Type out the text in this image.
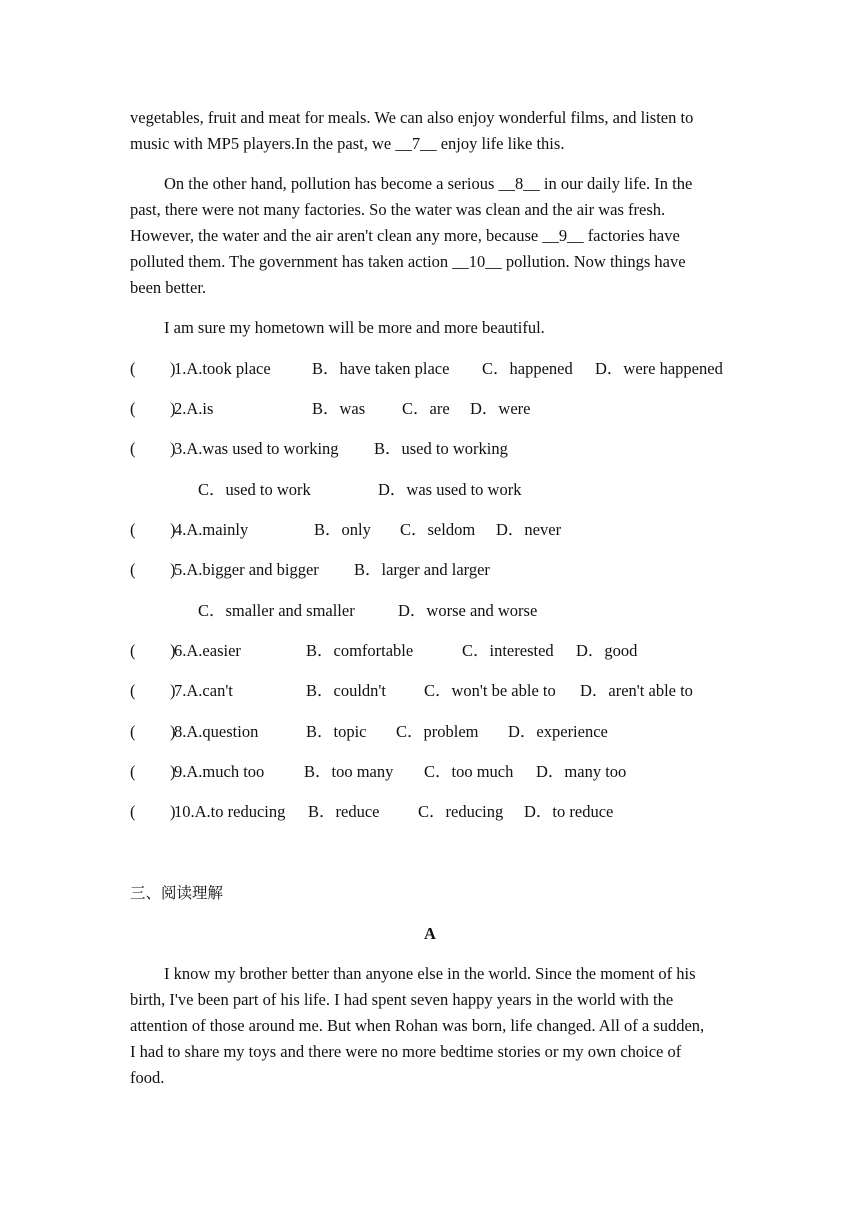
vegetables, fruit and meat for meals. We can also enjoy wonderful films, and listen to
music with MP5 players.In the past, we __7__ enjoy life like this.
On the other hand, pollution has become a serious __8__ in our daily life. In the
past, there were not many factories. So the water was clean and the air was fresh.
However, the water and the air aren't clean any more, because __9__ factories have
polluted them. The government has taken action __10__ pollution. Now things have
been better.
I am sure my hometown will be more and more beautiful.

(

)

1.A.took place

	B．have taken place

C．happened

D．were happened

(

)

2.A.is

	B．was

C．are

D．were

(

)

3.A.was used to working

B．used to working

C．used to work

	D．was used to work

(

)

4.A.mainly

	B．only

C．seldom

D．never

(

)

5.A.bigger and bigger

B．larger and larger

C．smaller and smaller

	D．worse and worse

(

)

6.A.easier

	B．comfortable

	C．interested

D．good

(

)

7.A.can't

	B．couldn't

C．won't be able to

D．aren't able to

(

)

8.A.question

	B．topic

C．problem

D．experience

(

)

9.A.much too

B．too many

C．too much

D．many too

(

)

10.A.to reducing

B．reduce

C．reducing

D．to reduce

三、阅读理解
A
I know my brother better than anyone else in the world. Since the moment of his
birth, I've been part of his life. I had spent seven happy years in the world with the
attention of those around me. But when Rohan was born, life changed. All of a sudden,
I had to share my toys and there were no more bedtime stories or my own choice of
food.
